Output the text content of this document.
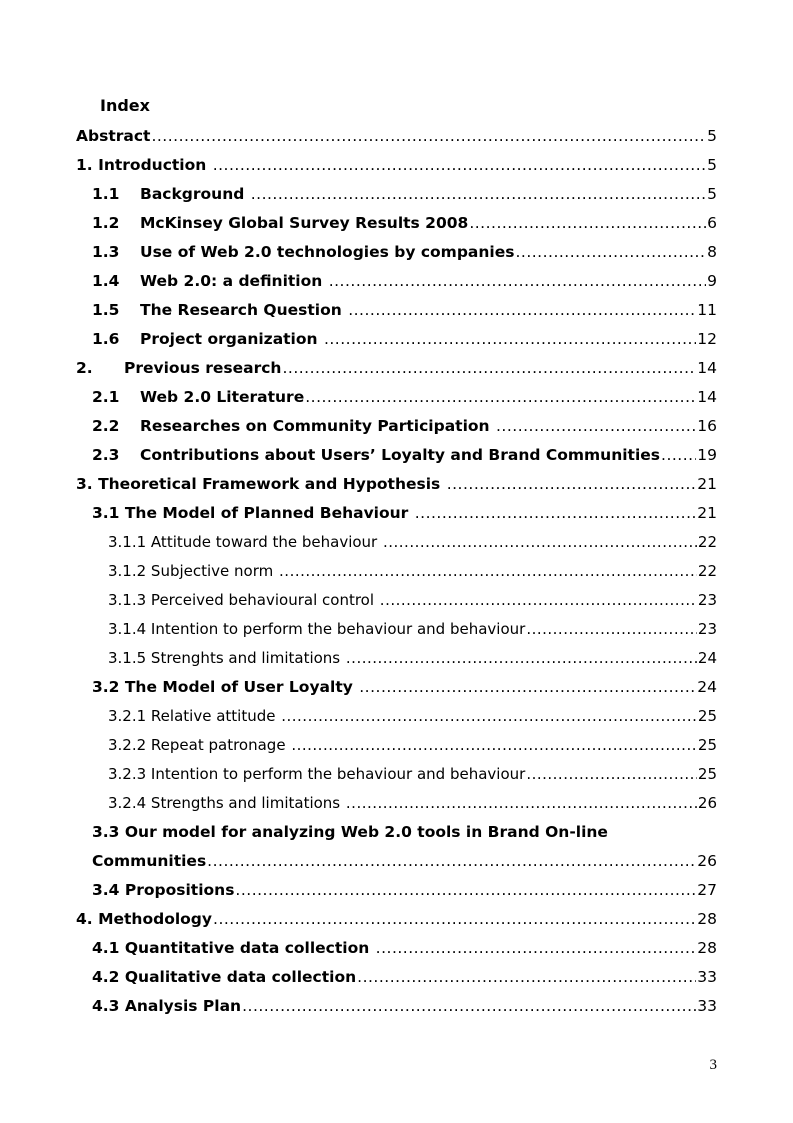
Index
Abstract .....	5
1. Introduction .....	5
1.1	Background .....	5
1.2	McKinsey Global Survey Results 2008 .....	6
1.3	Use of Web 2.0 technologies by companies .....	8
1.4	Web 2.0: a definition .....	9
1.5	The Research Question .....	11
1.6	Project organization .....	12
2.	Previous research .....	14
2.1	Web 2.0 Literature .....	14
2.2	Researches on Community Participation .....	16
2.3	Contributions about Users’ Loyalty and Brand Communities ..... 19
3. Theoretical Framework and Hypothesis .....	21
3.1 The Model of Planned Behaviour .....	21
3.1.1 Attitude toward the behaviour .....	22
3.1.2 Subjective norm .....	22
3.1.3 Perceived behavioural control .....	23
3.1.4 Intention to perform the behaviour and behaviour .....	23
3.1.5 Strenghts and limitations .....	24
3.2 The Model of User Loyalty .....	24
3.2.1 Relative attitude .....	25
3.2.2 Repeat patronage .....	25
3.2.3 Intention to perform the behaviour and behaviour .....	25
3.2.4 Strengths and limitations .....	26
3.3 Our model for analyzing Web 2.0 tools in Brand On-line
Communities .....	26
3.4 Propositions .....	27
4. Methodology .....	28
4.1 Quantitative data collection .....	28
4.2 Qualitative data collection .....	33
4.3 Analysis Plan .....	33
3
